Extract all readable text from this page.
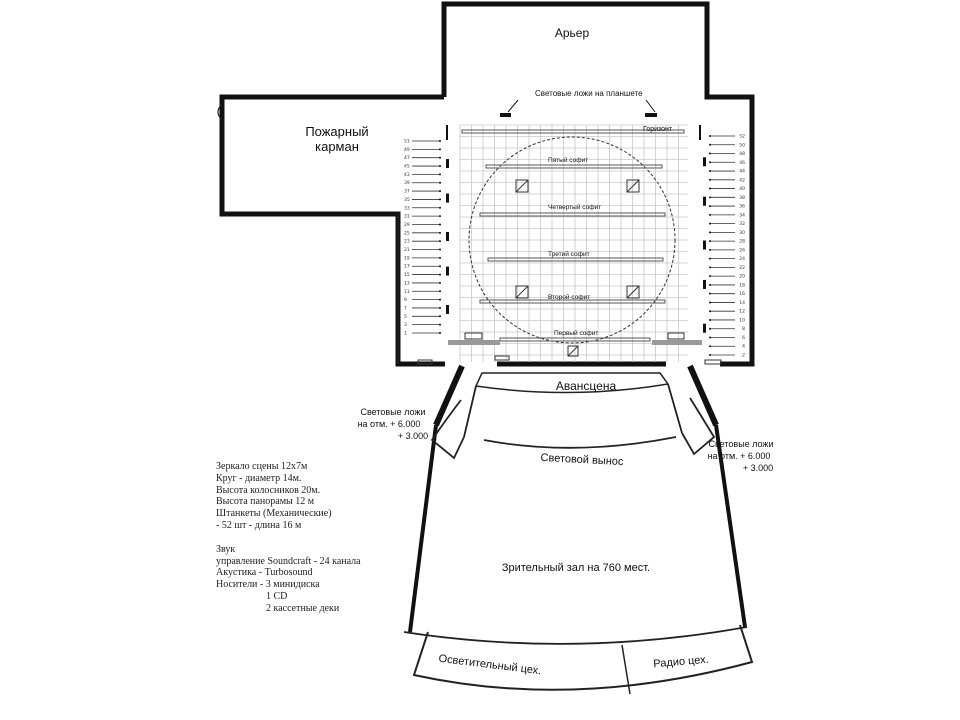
51
49
47
45
43
39
37
35
33
31
29
25
23
21
19
17
15
13
11
9
7
5
3
1
52
50
48
46
44
42
40
38
36
34
32
30
28
26
24
22
20
18
16
14
12
10
8
6
4
2
Арьер
Пожарный
карман
Световые ложи на планшете
Горизонт
Пятый софит
Четвертый софит
Третий софит
Второй софит
Первый софит
Авансцена
Световой вынос
Зрительный зал на 760 мест.
Осветительный цех.	Радио цех.
Световые ложи
на отм. + 6.000
+ 3.000
Световые ложи
на отм. + 6.000
+ 3.000
Зеркало сцены 12х7м
Круг - диаметр 14м.
Высота колосников 20м.
Высота панорамы 12 м
Штанкеты (Механические)
- 52 шт - длина 16 м
Звук
управление Soundcraft - 24 канала
Акустика - Turbosound
Носители - 3 минидиска
1 CD
2 кассетные деки
